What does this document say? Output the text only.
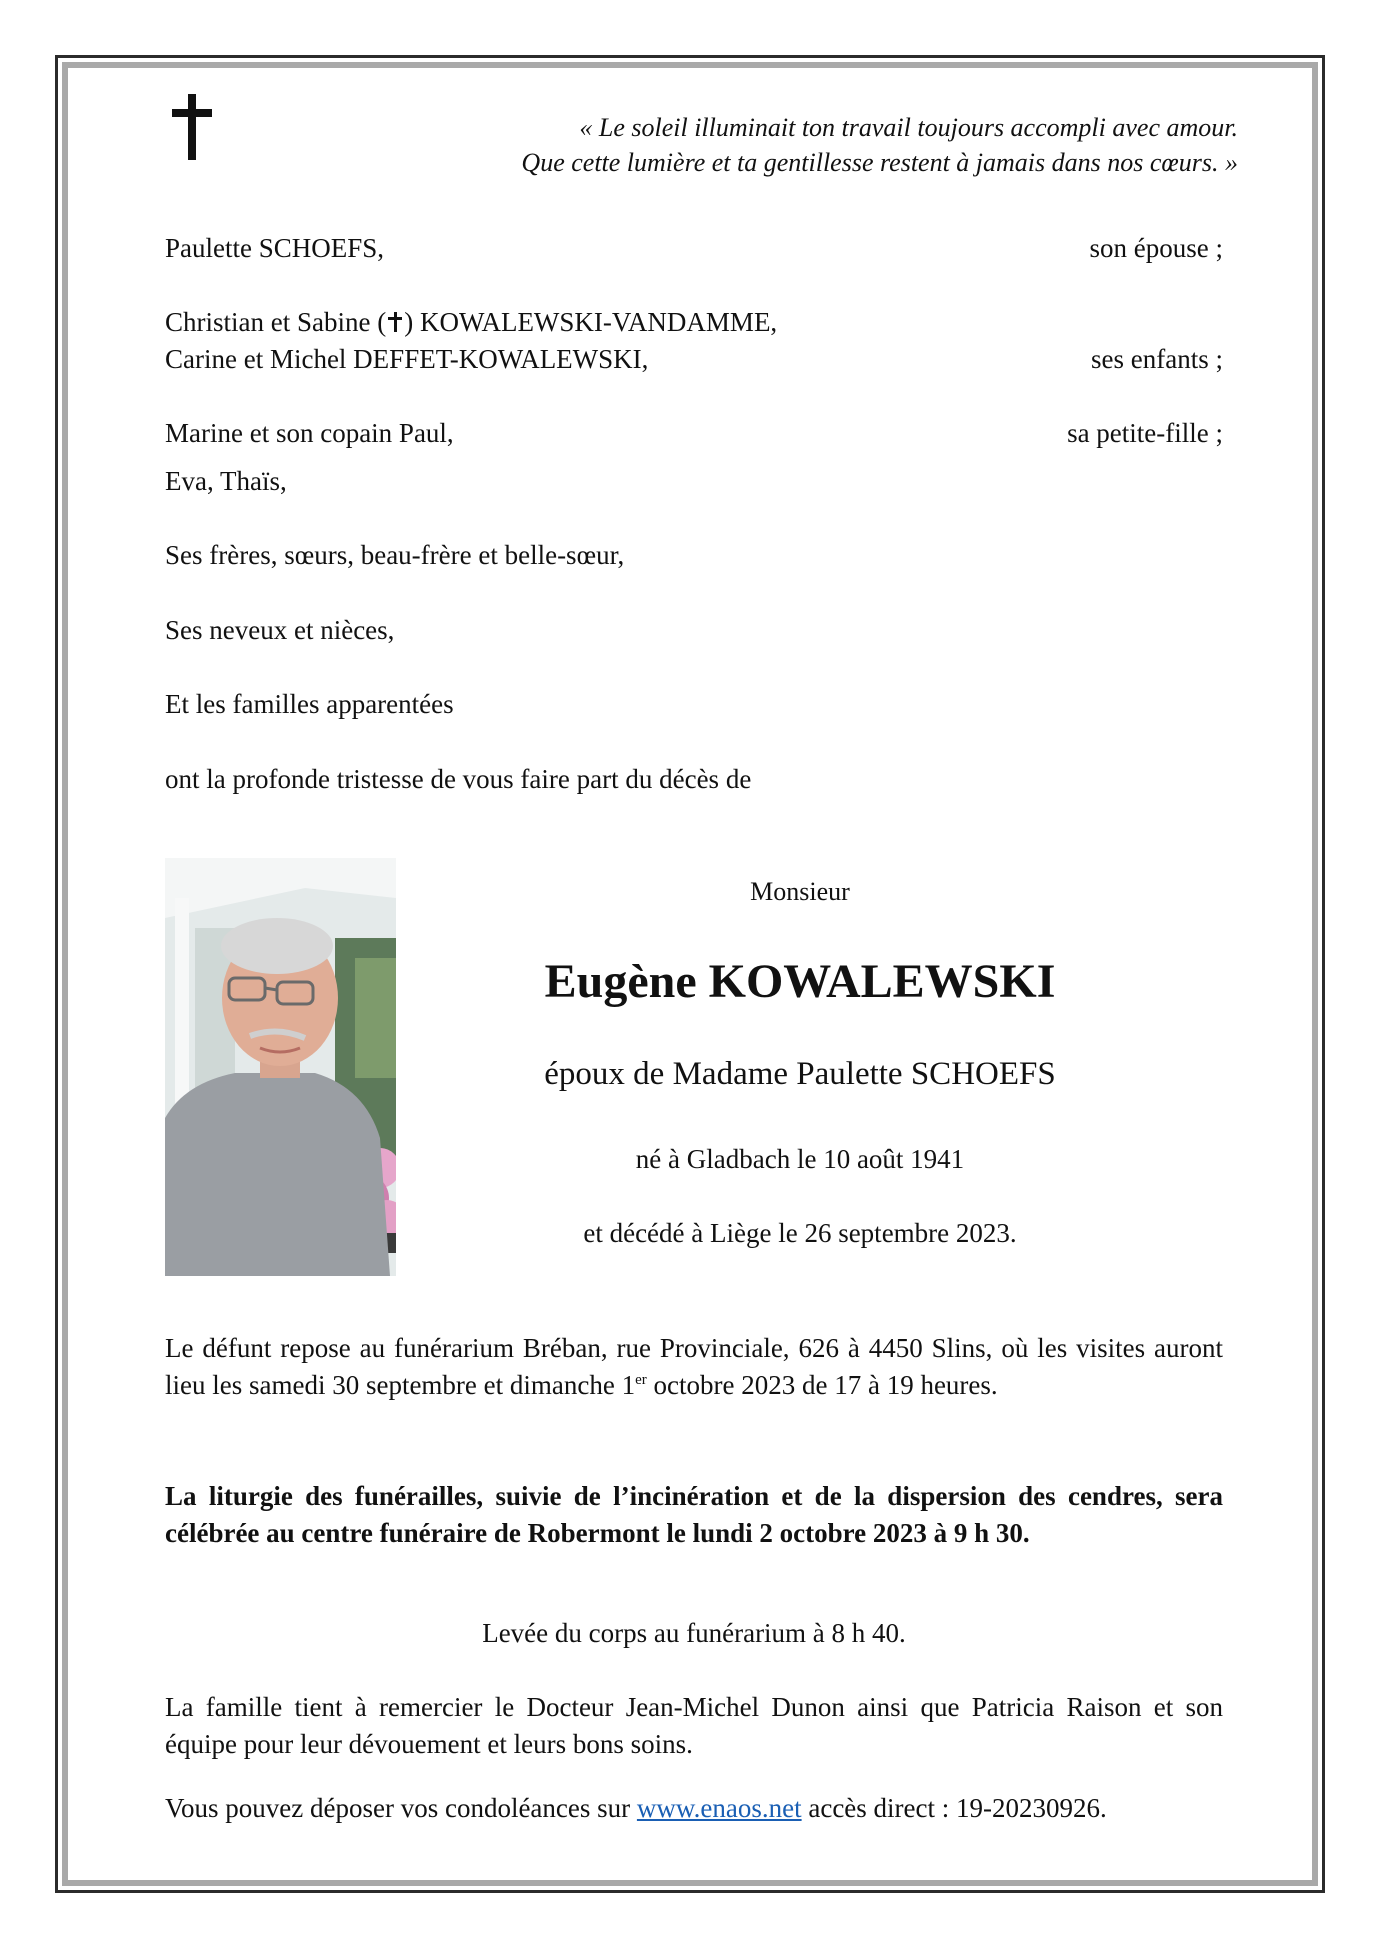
« Le soleil illuminait ton travail toujours accompli avec amour.
Que cette lumière et ta gentillesse restent à jamais dans nos cœurs. »
Paulette SCHOEFS,	son épouse ;
Christian et Sabine ( ) KOWALEWSKI-VANDAMME,
Carine et Michel DEFFET-KOWALEWSKI,	ses enfants ;
Marine et son copain Paul,	sa petite-fille ;
Eva, Thaïs,
Ses frères, sœurs, beau-frère et belle-sœur,
Ses neveux et nièces,
Et les familles apparentées
ont la profonde tristesse de vous faire part du décès de
Monsieur
Eugène KOWALEWSKI
époux de Madame Paulette SCHOEFS
né à Gladbach le 10 août 1941
et décédé à Liège le 26 septembre 2023.
Le défunt repose au funérarium Bréban, rue Provinciale, 626 à 4450 Slins, où les visites auront lieu les samedi 30 septembre et dimanche 1er octobre 2023 de 17 à 19 heures.
La liturgie des funérailles, suivie de l’incinération et de la dispersion des cendres, sera célébrée au centre funéraire de Robermont le lundi 2 octobre 2023 à 9 h 30.
Levée du corps au funérarium à 8 h 40.
La famille tient à remercier le Docteur Jean-Michel Dunon ainsi que Patricia Raison et son équipe pour leur dévouement et leurs bons soins.
Vous pouvez déposer vos condoléances sur www.enaos.net accès direct : 19-20230926.
